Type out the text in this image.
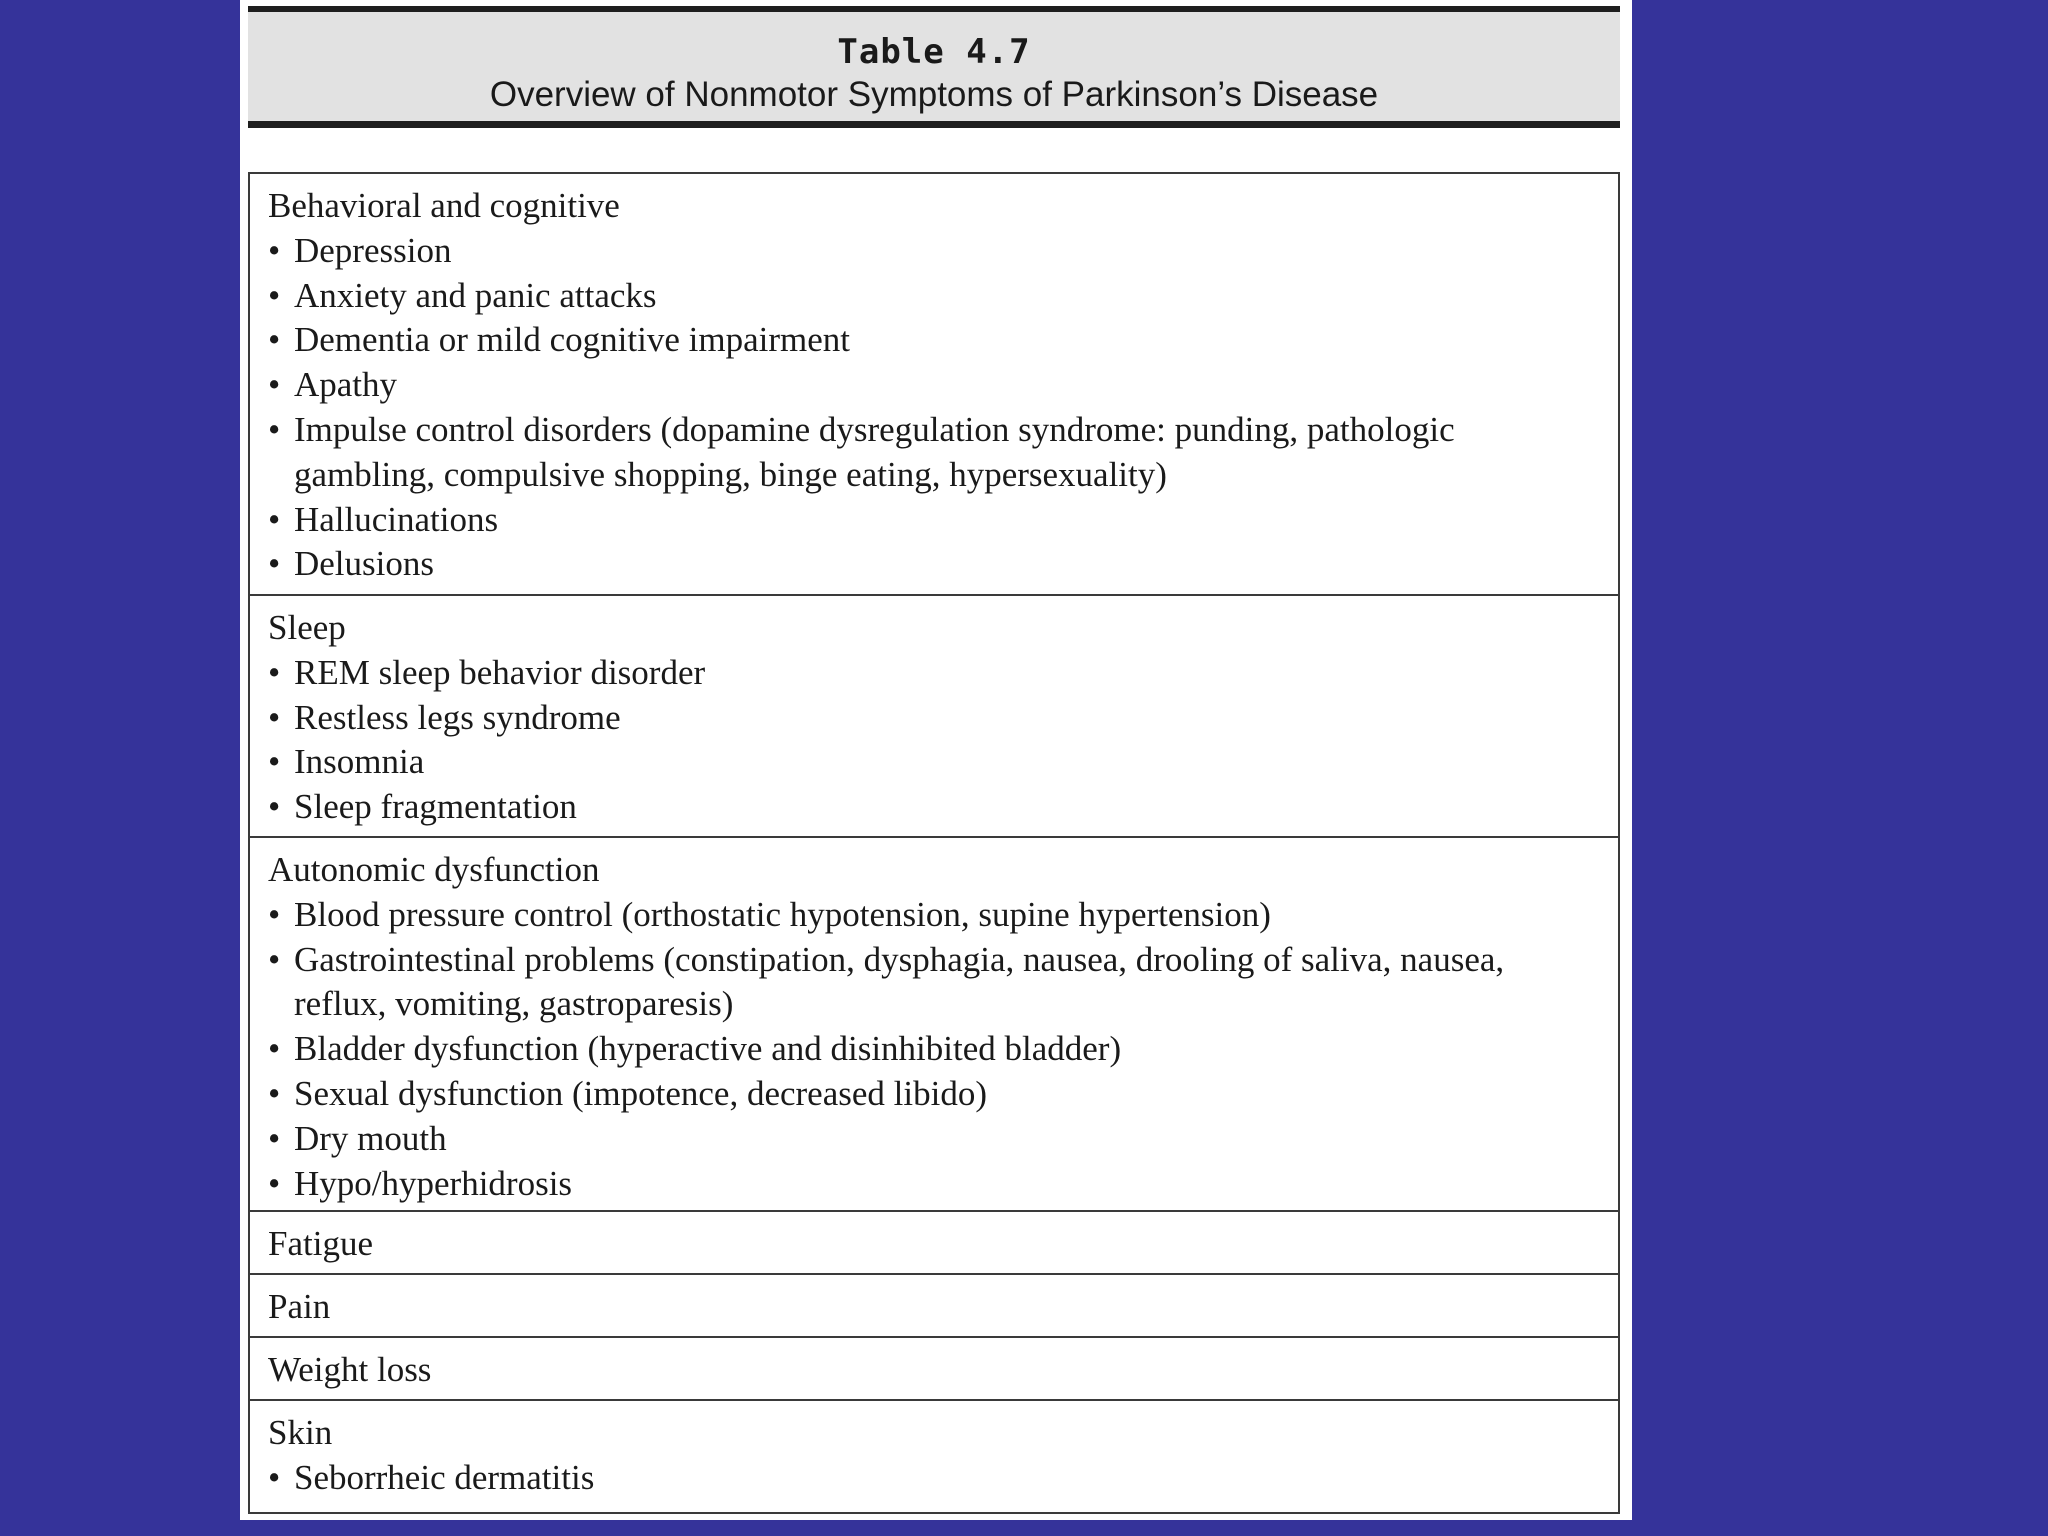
Table 4.7
Overview of Nonmotor Symptoms of Parkinson’s Disease
Behavioral and cognitive
• Depression
• Anxiety and panic attacks
• Dementia or mild cognitive impairment
• Apathy
• Impulse control disorders (dopamine dysregulation syndrome: punding, pathologic gambling, compulsive shopping, binge eating, hypersexuality)
• Hallucinations
• Delusions
Sleep
• REM sleep behavior disorder
• Restless legs syndrome
• Insomnia
• Sleep fragmentation
Autonomic dysfunction
• Blood pressure control (orthostatic hypotension, supine hypertension)
• Gastrointestinal problems (constipation, dysphagia, nausea, drooling of saliva, nausea, reflux, vomiting, gastroparesis)
• Bladder dysfunction (hyperactive and disinhibited bladder)
• Sexual dysfunction (impotence, decreased libido)
• Dry mouth
• Hypo/hyperhidrosis
Fatigue
Pain
Weight loss
Skin
• Seborrheic dermatitis
